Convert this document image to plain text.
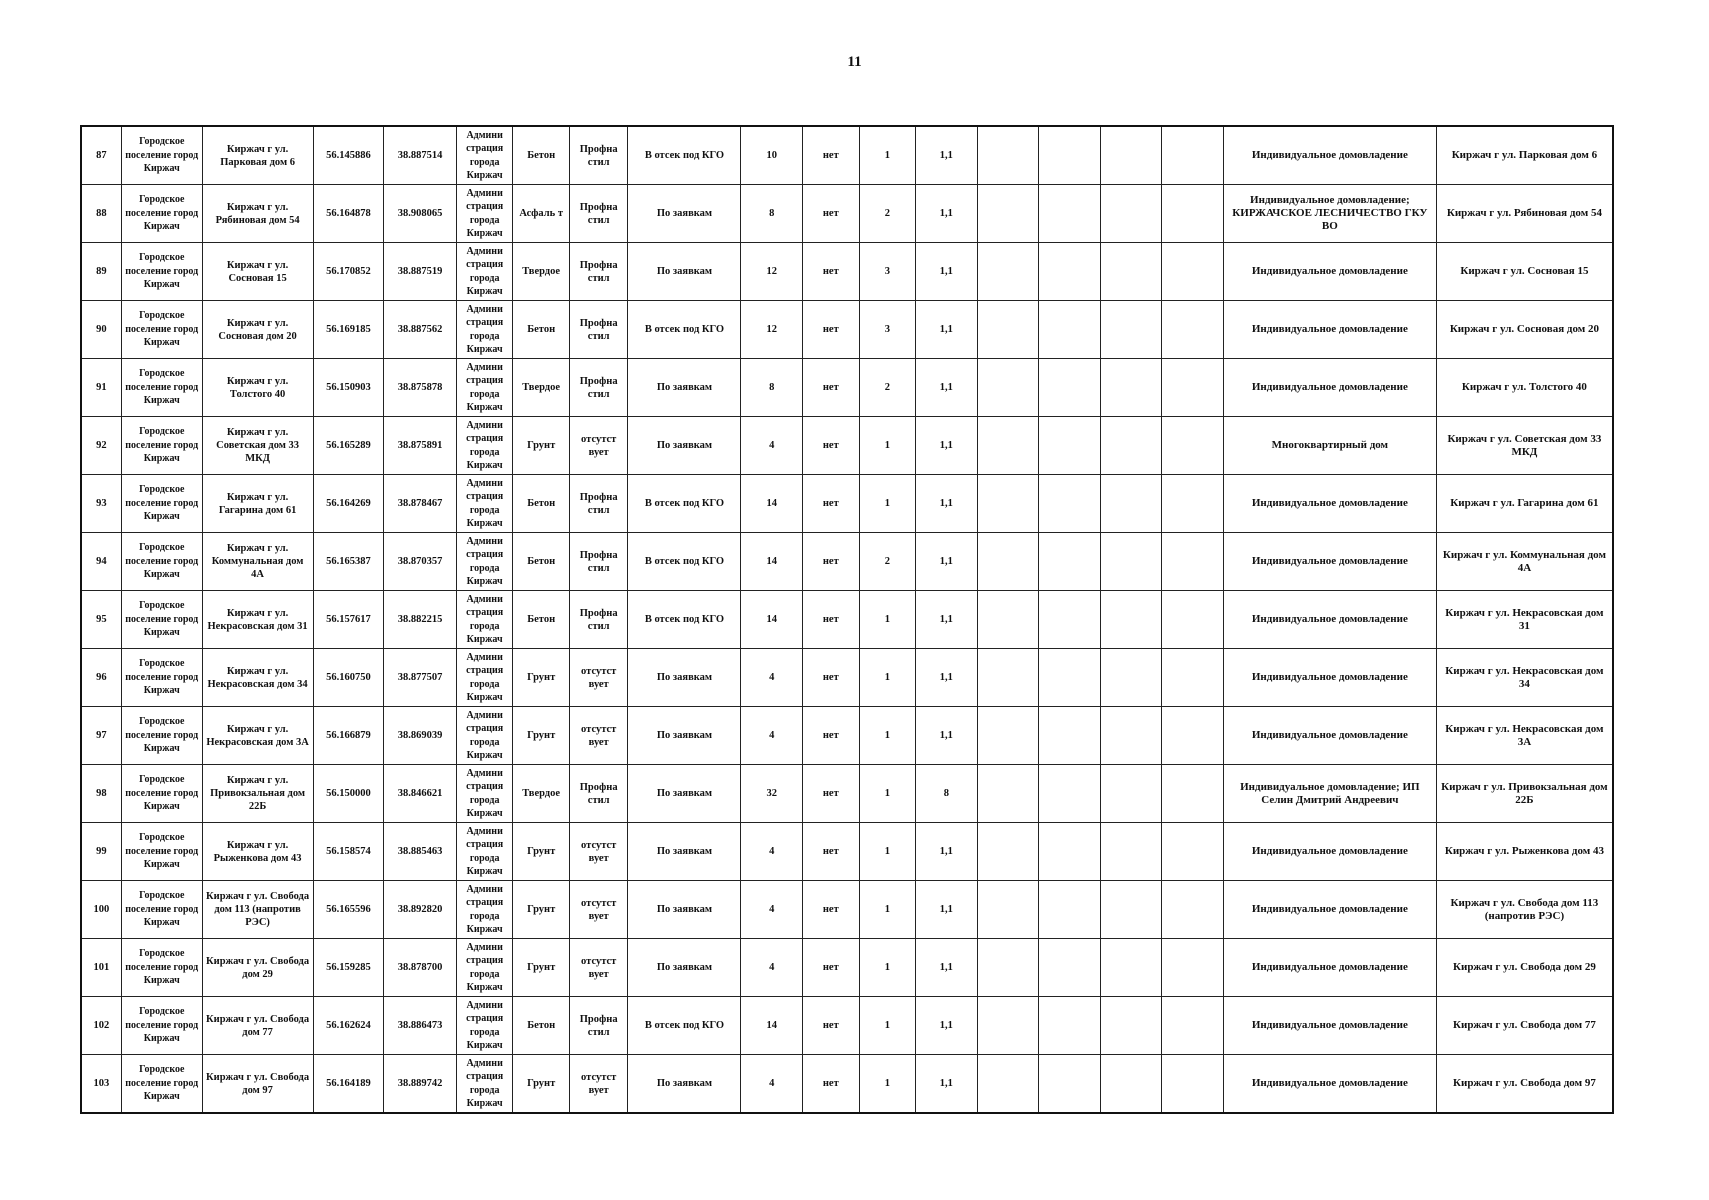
11
87	Городское поселение город Киржач	Киржач г ул. Парковая дом 6	56.145886	38.887514	Админи страция города Киржач	Бетон	Профна стил	В отсек под КГО	10	нет	1	1,1					Индивидуальное домовладение	Киржач г ул. Парковая дом 6
88	Городское поселение город Киржач	Киржач г ул. Рябиновая дом 54	56.164878	38.908065	Админи страция города Киржач	Асфаль т	Профна стил	По заявкам	8	нет	2	1,1					Индивидуальное домовладение; КИРЖАЧСКОЕ ЛЕСНИЧЕСТВО ГКУ ВО	Киржач г ул. Рябиновая дом 54
89	Городское поселение город Киржач	Киржач г ул. Сосновая 15	56.170852	38.887519	Админи страция города Киржач	Твердое	Профна стил	По заявкам	12	нет	3	1,1					Индивидуальное домовладение	Киржач г ул. Сосновая 15
90	Городское поселение город Киржач	Киржач г ул. Сосновая дом 20	56.169185	38.887562	Админи страция города Киржач	Бетон	Профна стил	В отсек под КГО	12	нет	3	1,1					Индивидуальное домовладение	Киржач г ул. Сосновая дом 20
91	Городское поселение город Киржач	Киржач г ул. Толстого 40	56.150903	38.875878	Админи страция города Киржач	Твердое	Профна стил	По заявкам	8	нет	2	1,1					Индивидуальное домовладение	Киржач г ул. Толстого 40
92	Городское поселение город Киржач	Киржач г ул. Советская дом 33 МКД	56.165289	38.875891	Админи страция города Киржач	Грунт	отсутст вует	По заявкам	4	нет	1	1,1					Многоквартирный дом	Киржач г ул. Советская дом 33 МКД
93	Городское поселение город Киржач	Киржач г ул. Гагарина дом 61	56.164269	38.878467	Админи страция города Киржач	Бетон	Профна стил	В отсек под КГО	14	нет	1	1,1					Индивидуальное домовладение	Киржач г ул. Гагарина дом 61
94	Городское поселение город Киржач	Киржач г ул. Коммунальная дом 4А	56.165387	38.870357	Админи страция города Киржач	Бетон	Профна стил	В отсек под КГО	14	нет	2	1,1					Индивидуальное домовладение	Киржач г ул. Коммунальная дом 4А
95	Городское поселение город Киржач	Киржач г ул. Некрасовская дом 31	56.157617	38.882215	Админи страция города Киржач	Бетон	Профна стил	В отсек под КГО	14	нет	1	1,1					Индивидуальное домовладение	Киржач г ул. Некрасовская дом 31
96	Городское поселение город Киржач	Киржач г ул. Некрасовская дом 34	56.160750	38.877507	Админи страция города Киржач	Грунт	отсутст вует	По заявкам	4	нет	1	1,1					Индивидуальное домовладение	Киржач г ул. Некрасовская дом 34
97	Городское поселение город Киржач	Киржач г ул. Некрасовская дом 3А	56.166879	38.869039	Админи страция города Киржач	Грунт	отсутст вует	По заявкам	4	нет	1	1,1					Индивидуальное домовладение	Киржач г ул. Некрасовская дом 3А
98	Городское поселение город Киржач	Киржач г ул. Привокзальная дом 22Б	56.150000	38.846621	Админи страция города Киржач	Твердое	Профна стил	По заявкам	32	нет	1	8					Индивидуальное домовладение; ИП Селин Дмитрий Андреевич	Киржач г ул. Привокзальная дом 22Б
99	Городское поселение город Киржач	Киржач г ул. Рыженкова дом 43	56.158574	38.885463	Админи страция города Киржач	Грунт	отсутст вует	По заявкам	4	нет	1	1,1					Индивидуальное домовладение	Киржач г ул. Рыженкова дом 43
100	Городское поселение город Киржач	Киржач г ул. Свобода дом 113 (напротив РЭС)	56.165596	38.892820	Админи страция города Киржач	Грунт	отсутст вует	По заявкам	4	нет	1	1,1					Индивидуальное домовладение	Киржач г ул. Свобода дом 113 (напротив РЭС)
101	Городское поселение город Киржач	Киржач г ул. Свобода дом 29	56.159285	38.878700	Админи страция города Киржач	Грунт	отсутст вует	По заявкам	4	нет	1	1,1					Индивидуальное домовладение	Киржач г ул. Свобода дом 29
102	Городское поселение город Киржач	Киржач г ул. Свобода дом 77	56.162624	38.886473	Админи страция города Киржач	Бетон	Профна стил	В отсек под КГО	14	нет	1	1,1					Индивидуальное домовладение	Киржач г ул. Свобода дом 77
103	Городское поселение город Киржач	Киржач г ул. Свобода дом 97	56.164189	38.889742	Админи страция города Киржач	Грунт	отсутст вует	По заявкам	4	нет	1	1,1					Индивидуальное домовладение	Киржач г ул. Свобода дом 97
